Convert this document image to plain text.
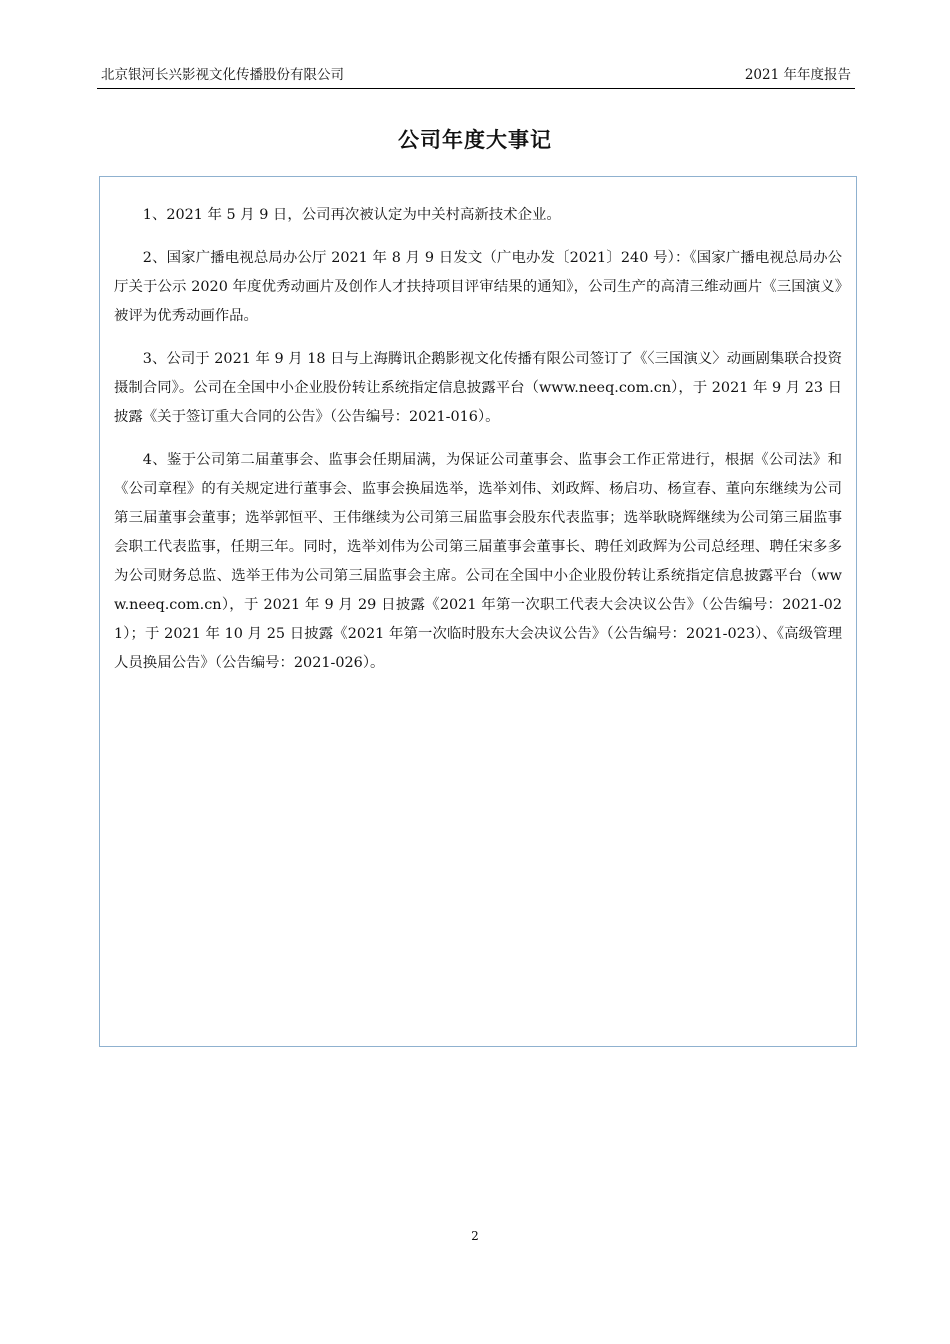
北京银河长兴影视文化传播股份有限公司	2021 年年度报告
公司年度大事记

1、2021 年 5 月 9 日，公司再次被认定为中关村高新技术企业。

2、国家广播电视总局办公厅 2021 年 8 月 9 日发文（广电办发〔2021〕240 号）：《国家广播电视总局办公厅关于公示 2020 年度优秀动画片及创作人才扶持项目评审结果的通知》，公司生产的高清三维动画片《三国演义》被评为优秀动画作品。

3、公司于 2021 年 9 月 18 日与上海腾讯企鹅影视文化传播有限公司签订了《〈三国演义〉动画剧集联合投资摄制合同》。公司在全国中小企业股份转让系统指定信息披露平台（www.neeq.com.cn），于 2021 年 9 月 23 日披露《关于签订重大合同的公告》（公告编号：2021-016）。

4、鉴于公司第二届董事会、监事会任期届满，为保证公司董事会、监事会工作正常进行，根据《公司法》和《公司章程》的有关规定进行董事会、监事会换届选举，选举刘伟、刘政辉、杨启功、杨宣春、董向东继续为公司第三届董事会董事；选举郭恒平、王伟继续为公司第三届监事会股东代表监事；选举耿晓辉继续为公司第三届监事会职工代表监事，任期三年。同时，选举刘伟为公司第三届董事会董事长、聘任刘政辉为公司总经理、聘任宋多多为公司财务总监、选举王伟为公司第三届监事会主席。公司在全国中小企业股份转让系统指定信息披露平台（www.neeq.com.cn），于 2021 年 9 月 29 日披露《2021 年第一次职工代表大会决议公告》（公告编号：2021-021）；于 2021 年 10 月 25 日披露《2021 年第一次临时股东大会决议公告》（公告编号：2021-023）、《高级管理人员换届公告》（公告编号：2021-026）。

2
